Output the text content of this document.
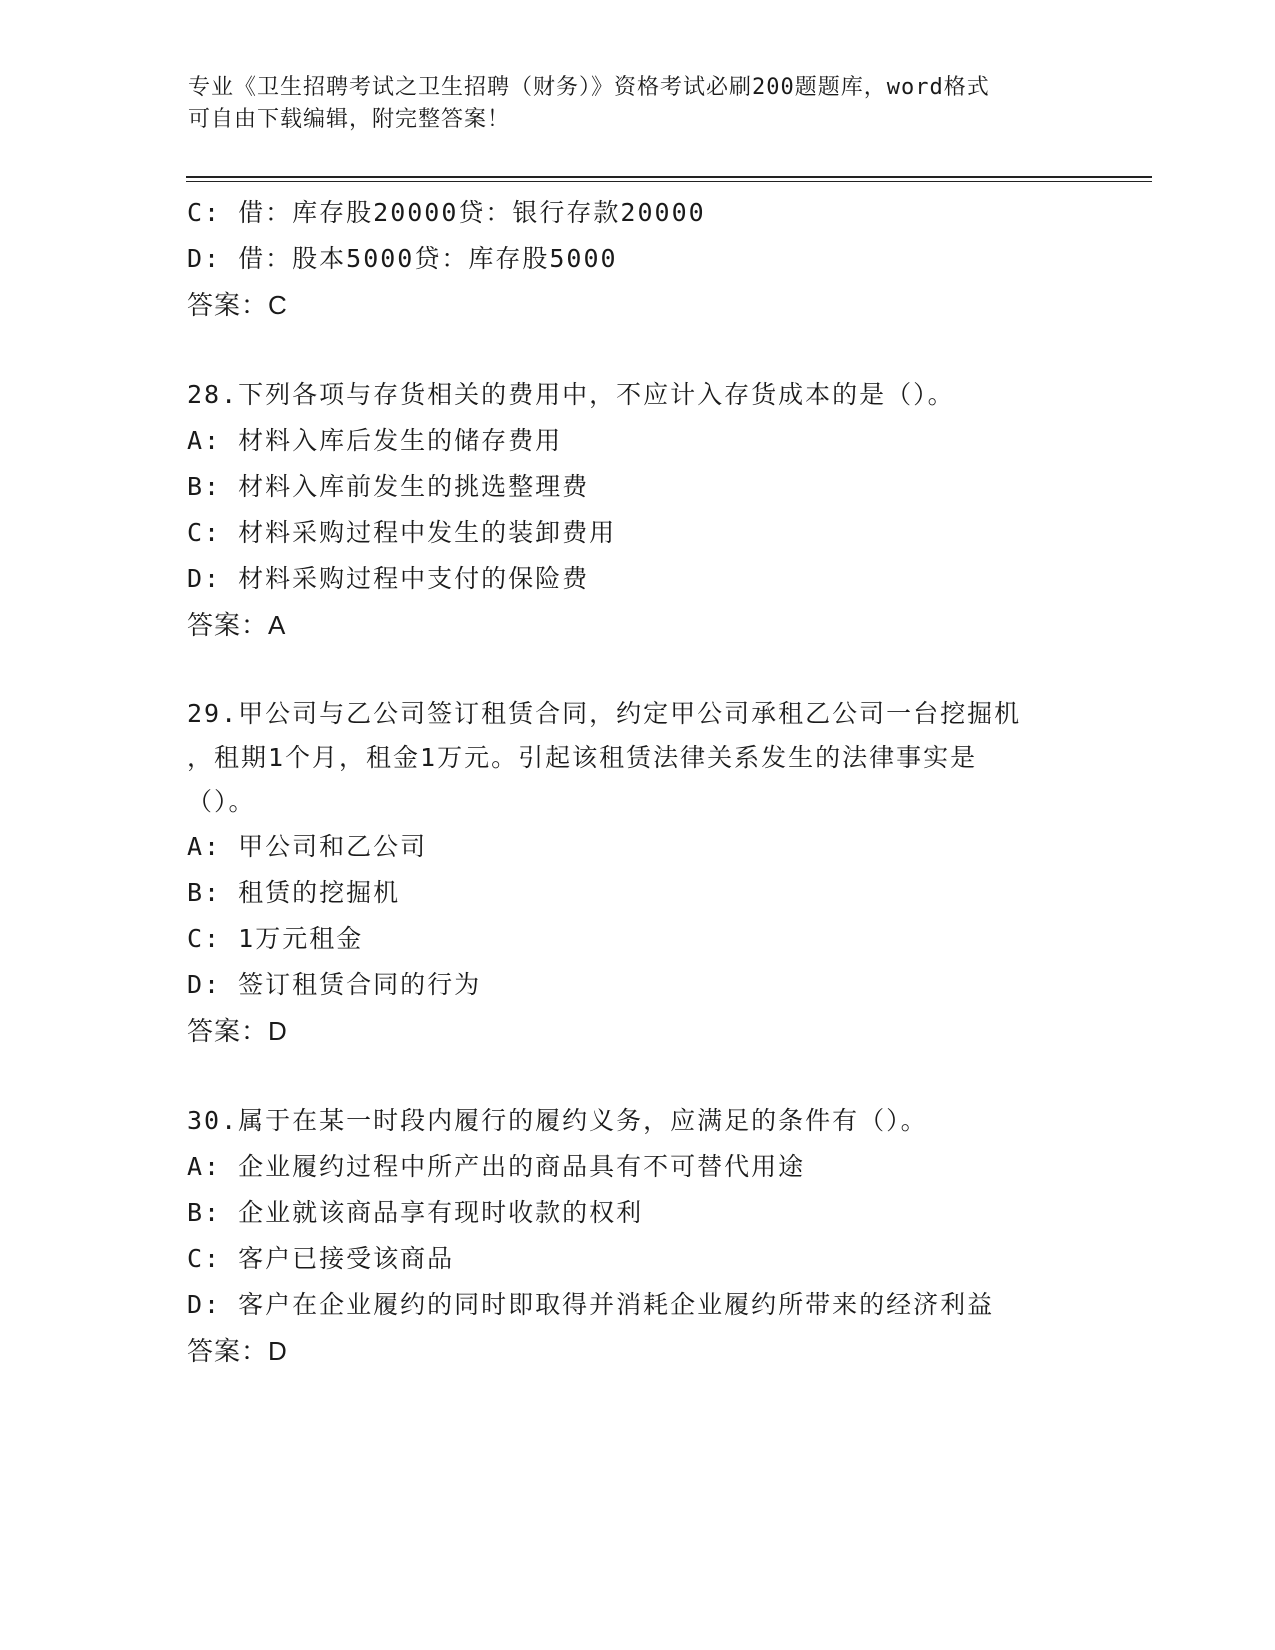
专业《卫生招聘考试之卫生招聘（财务）》资格考试必刷200题题库，word格式
可自由下载编辑，附完整答案！
C: 借：库存股20000贷：银行存款20000
D: 借：股本5000贷：库存股5000
答案：C
28.下列各项与存货相关的费用中，不应计入存货成本的是（）。
A: 材料入库后发生的储存费用
B: 材料入库前发生的挑选整理费
C: 材料采购过程中发生的装卸费用
D: 材料采购过程中支付的保险费
答案：A
29.甲公司与乙公司签订租赁合同，约定甲公司承租乙公司一台挖掘机
，租期1个月，租金1万元。引起该租赁法律关系发生的法律事实是
（）。
A: 甲公司和乙公司
B: 租赁的挖掘机
C: 1万元租金
D: 签订租赁合同的行为
答案：D
30.属于在某一时段内履行的履约义务，应满足的条件有（）。
A: 企业履约过程中所产出的商品具有不可替代用途
B: 企业就该商品享有现时收款的权利
C: 客户已接受该商品
D: 客户在企业履约的同时即取得并消耗企业履约所带来的经济利益
答案：D
